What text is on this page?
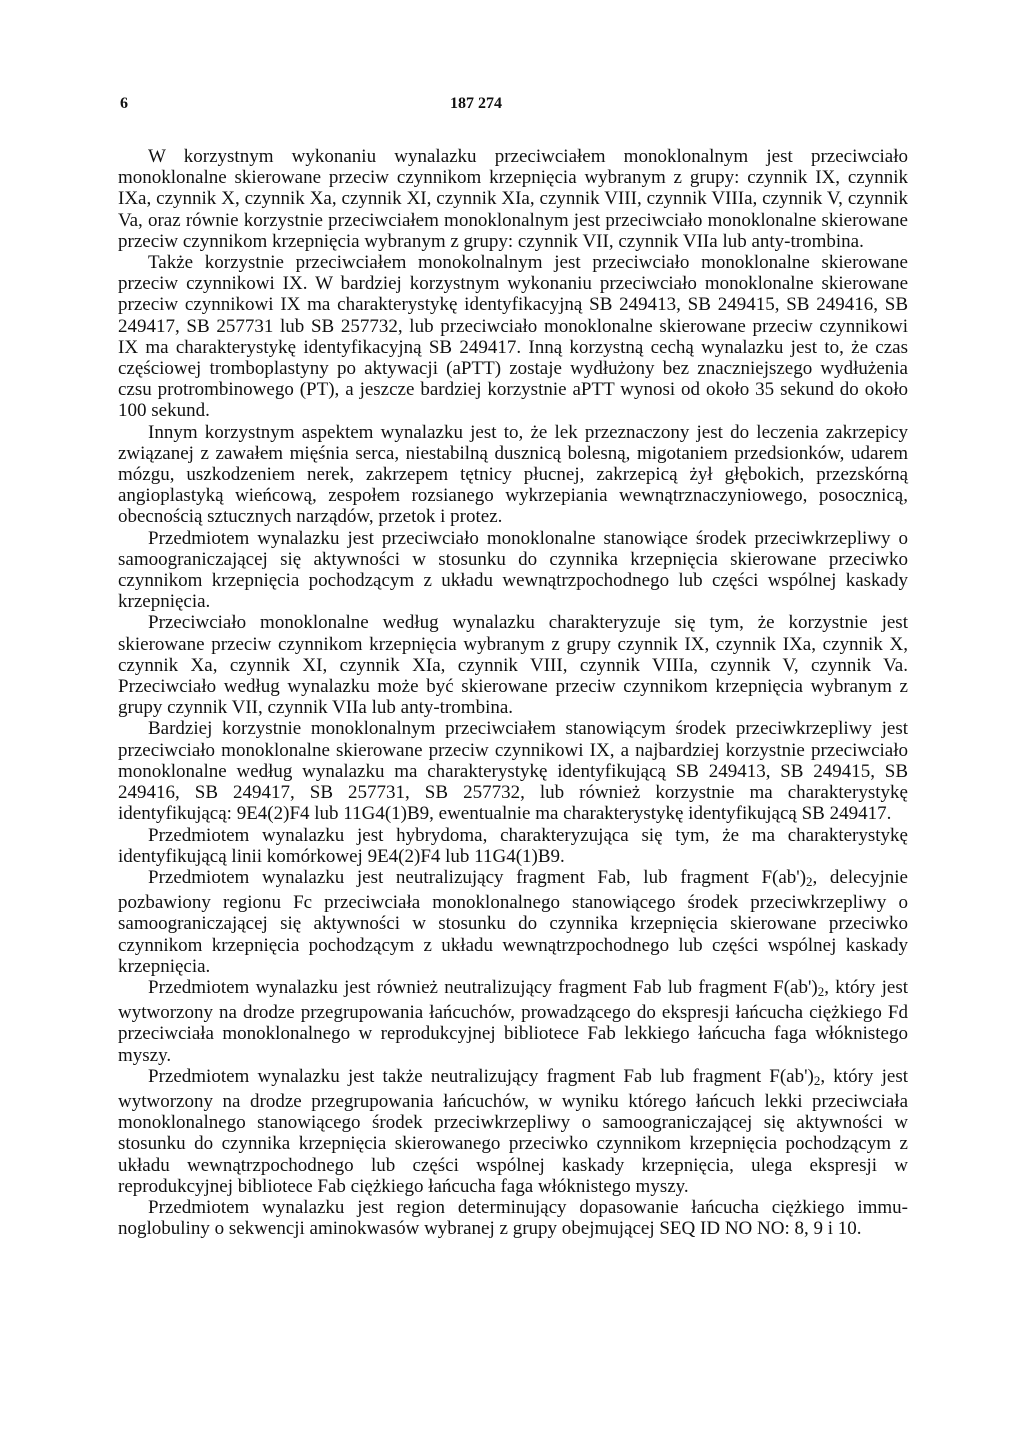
6	187 274

W korzystnym wykonaniu wynalazku przeciwciałem monoklonalnym jest przeciwciało monoklonalne skierowane przeciw czynnikom krzepnięcia wybranym z grupy: czynnik IX, czynnik IXa, czynnik X, czynnik Xa, czynnik XI, czynnik XIa, czynnik VIII, czynnik VIIIa, czynnik V, czynnik Va, oraz równie korzystnie przeciwciałem monoklonalnym jest przeciwciało monoklonalne skierowane przeciw czynnikom krzepnięcia wybranym z grupy: czynnik VII, czynnik VIIa lub anty-trombina.

Także korzystnie przeciwciałem monokolnalnym jest przeciwciało monoklonalne skierowane przeciw czynnikowi IX. W bardziej korzystnym wykonaniu przeciwciało monoklonalne skierowane przeciw czynnikowi IX ma charakterystykę identyfikacyjną SB 249413, SB 249415, SB 249416, SB 249417, SB 257731 lub SB 257732, lub przeciwciało monoklonalne skierowane przeciw czynnikowi IX ma charakterystykę identyfikacyjną SB 249417. Inną korzystną cechą wynalazku jest to, że czas częściowej tromboplastyny po aktywacji (aPTT) zostaje wydłużony bez znaczniejszego wydłużenia czsu protrombinowego (PT), a jeszcze bardziej korzystnie aPTT wynosi od około 35 sekund do około 100 sekund.

Innym korzystnym aspektem wynalazku jest to, że lek przeznaczony jest do leczenia zakrzepicy związanej z zawałem mięśnia serca, niestabilną dusznicą bolesną, migotaniem przedsionków, udarem mózgu, uszkodzeniem nerek, zakrzepem tętnicy płucnej, zakrzepicą żył głębokich, przezskórną angioplastyką wieńcową, zespołem rozsianego wykrzepiania wewnątrznaczyniowego, posocznicą, obecnością sztucznych narządów, przetok i protez.

Przedmiotem wynalazku jest przeciwciało monoklonalne stanowiące środek przeciwkrzepliwy o samoograniczającej się aktywności w stosunku do czynnika krzepnięcia skierowane przeciwko czynnikom krzepnięcia pochodzącym z układu wewnątrzpochodnego lub części wspólnej kaskady krzepnięcia.

Przeciwciało monoklonalne według wynalazku charakteryzuje się tym, że korzystnie jest skierowane przeciw czynnikom krzepnięcia wybranym z grupy czynnik IX, czynnik IXa, czynnik X, czynnik Xa, czynnik XI, czynnik XIa, czynnik VIII, czynnik VIIIa, czynnik V, czynnik Va. Przeciwciało według wynalazku może być skierowane przeciw czynnikom krzepnięcia wybranym z grupy czynnik VII, czynnik VIIa lub anty-trombina.

Bardziej korzystnie monoklonalnym przeciwciałem stanowiącym środek przeciwkrzepliwy jest przeciwciało monoklonalne skierowane przeciw czynnikowi IX, a najbardziej korzystnie przeciwciało monoklonalne według wynalazku ma charakterystykę identyfikującą SB 249413, SB 249415, SB 249416, SB 249417, SB 257731, SB 257732, lub również korzystnie ma charakterystykę identyfikującą: 9E4(2)F4 lub 11G4(1)B9, ewentualnie ma charakterystykę identyfikującą SB 249417.

Przedmiotem wynalazku jest hybrydoma, charakteryzująca się tym, że ma charakterystykę identyfikującą linii komórkowej 9E4(2)F4 lub 11G4(1)B9.

Przedmiotem wynalazku jest neutralizujący fragment Fab, lub fragment $F(ab')_2$, delecyjnie pozbawiony regionu Fc przeciwciała monoklonalnego stanowiącego środek przeciwkrzepliwy o samoograniczającej się aktywności w stosunku do czynnika krzepnięcia skierowane przeciwko czynnikom krzepnięcia pochodzącym z układu wewnątrzpochodnego lub części wspólnej kaskady krzepnięcia.

Przedmiotem wynalazku jest również neutralizujący fragment Fab lub fragment $F(ab')_2$, który jest wytworzony na drodze przegrupowania łańcuchów, prowadzącego do ekspresji łańcucha ciężkiego Fd przeciwciała monoklonalnego w reprodukcyjnej bibliotece Fab lekkiego łańcucha faga włóknistego myszy.

Przedmiotem wynalazku jest także neutralizujący fragment Fab lub fragment $F(ab')_2$, który jest wytworzony na drodze przegrupowania łańcuchów, w wyniku którego łańcuch lekki przeciwciała monoklonalnego stanowiącego środek przeciwkrzepliwy o samoograniczającej się aktywności w stosunku do czynnika krzepnięcia skierowanego przeciwko czynnikom krzepnięcia pochodzącym z układu wewnątrzpochodnego lub części wspólnej kaskady krzepnięcia, ulega ekspresji w reprodukcyjnej bibliotece Fab ciężkiego łańcucha faga włóknistego myszy.

Przedmiotem wynalazku jest region determinujący dopasowanie łańcucha ciężkiego immunoglobuliny o sekwencji aminokwasów wybranej z grupy obejmującej SEQ ID NO NO: 8, 9 i 10.
